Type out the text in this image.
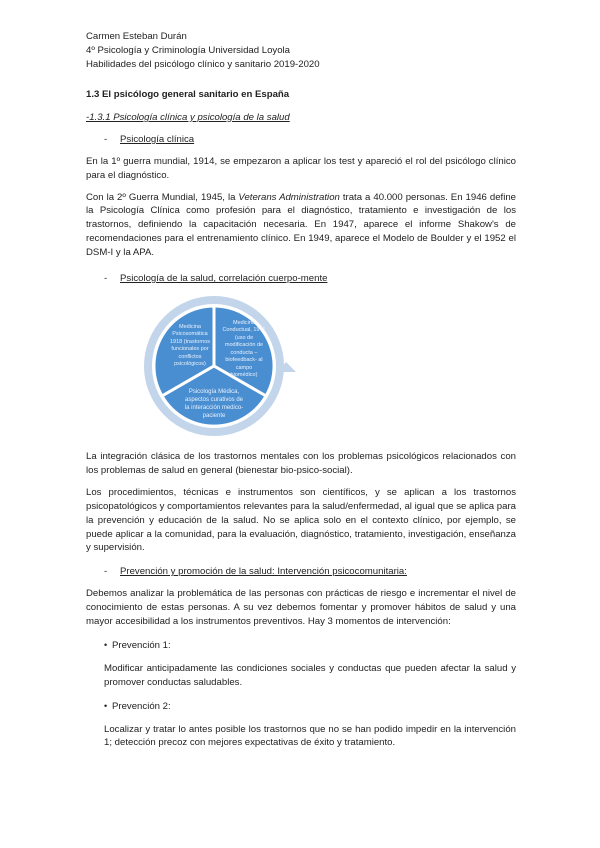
Carmen Esteban Durán
4º Psicología y Criminología Universidad Loyola
Habilidades del psicólogo clínico y sanitario 2019-2020
1.3 El psicólogo general sanitario en España
-1.3.1 Psicología clínica y psicología de la salud
-	Psicología clínica

En la 1º guerra mundial, 1914, se empezaron a aplicar los test y apareció el rol del psicólogo clínico para el diagnóstico.

Con la 2º Guerra Mundial, 1945, la Veterans Administration trata a 40.000 personas. En 1946 define la Psicología Clínica como profesión para el diagnóstico, tratamiento e investigación de los trastornos, definiendo la capacitación necesaria. En 1947, aparece el informe Shakow's de recomendaciones para el entrenamiento clínico. En 1949, aparece el Modelo de Boulder y el 1952 el DSM-I y la APA.

-	Psicología de la salud, correlación cuerpo-mente
Medicina Psicosomática 1918 (trastornos funcionales por conflictos psicológicos)
Medicina Conductual, 1971 (uso de modificación de conducta – biofeedback- al campo biomédico)
Psicología Médica, aspectos curativos de la interacción medico-paciente

La integración clásica de los trastornos mentales con los problemas psicológicos relacionados con los problemas de salud en general (bienestar bio-psico-social).

Los procedimientos, técnicas e instrumentos son científicos, y se aplican a los trastornos psicopatológicos y comportamientos relevantes para la salud/enfermedad, al igual que se aplica para la prevención y educación de la salud. No se aplica solo en el contexto clínico, por ejemplo, se puede aplicar a la comunidad, para la evaluación, diagnóstico, tratamiento, investigación, enseñanza y supervisión.

-	Prevención y promoción de la salud: Intervención psicocomunitaria:

Debemos analizar la problemática de las personas con prácticas de riesgo e incrementar el nivel de conocimiento de estas personas. A su vez debemos fomentar y promover hábitos de salud y una mayor accesibilidad a los instrumentos preventivos. Hay 3 momentos de intervención:

• Prevención 1:

Modificar anticipadamente las condiciones sociales y conductas que pueden afectar la salud y promover conductas saludables.

• Prevención 2:

Localizar y tratar lo antes posible los trastornos que no se han podido impedir en la intervención 1; detección precoz con mejores expectativas de éxito y tratamiento.
